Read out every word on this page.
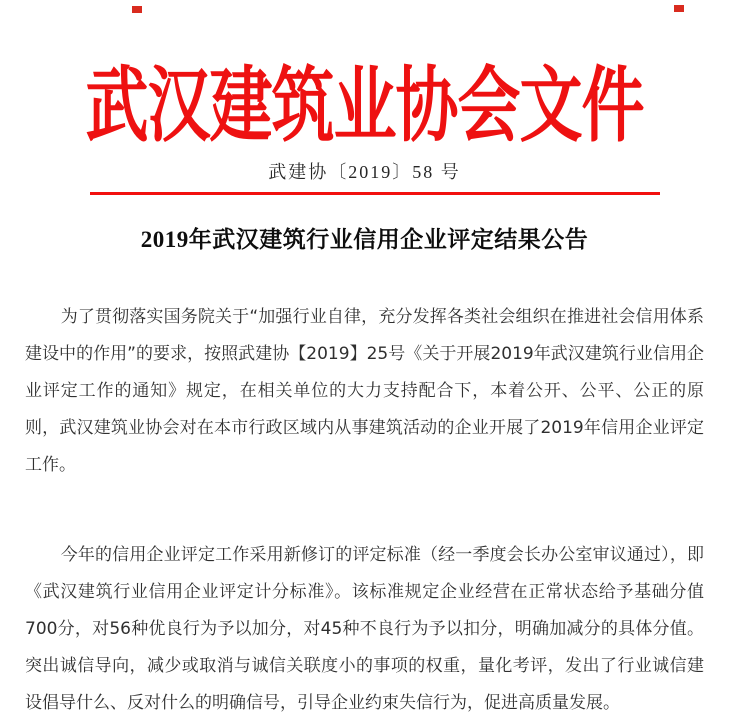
武汉建筑业协会文件
武建协〔2019〕58 号
2019年武汉建筑行业信用企业评定结果公告

为了贯彻落实国务院关于“加强行业自律，充分发挥各类社会组织在推进社会信用体系建设中的作用”的要求，按照武建协【2019】25号《关于开展2019年武汉建筑行业信用企业评定工作的通知》规定，在相关单位的大力支持配合下，本着公开、公平、公正的原则，武汉建筑业协会对在本市行政区域内从事建筑活动的企业开展了2019年信用企业评定工作。

今年的信用企业评定工作采用新修订的评定标准（经一季度会长办公室审议通过），即《武汉建筑行业信用企业评定计分标准》。该标准规定企业经营在正常状态给予基础分值700分，对56种优良行为予以加分，对45种不良行为予以扣分，明确加减分的具体分值。突出诚信导向，减少或取消与诚信关联度小的事项的权重，量化考评，发出了行业诚信建设倡导什么、反对什么的明确信号，引导企业约束失信行为，促进高质量发展。
